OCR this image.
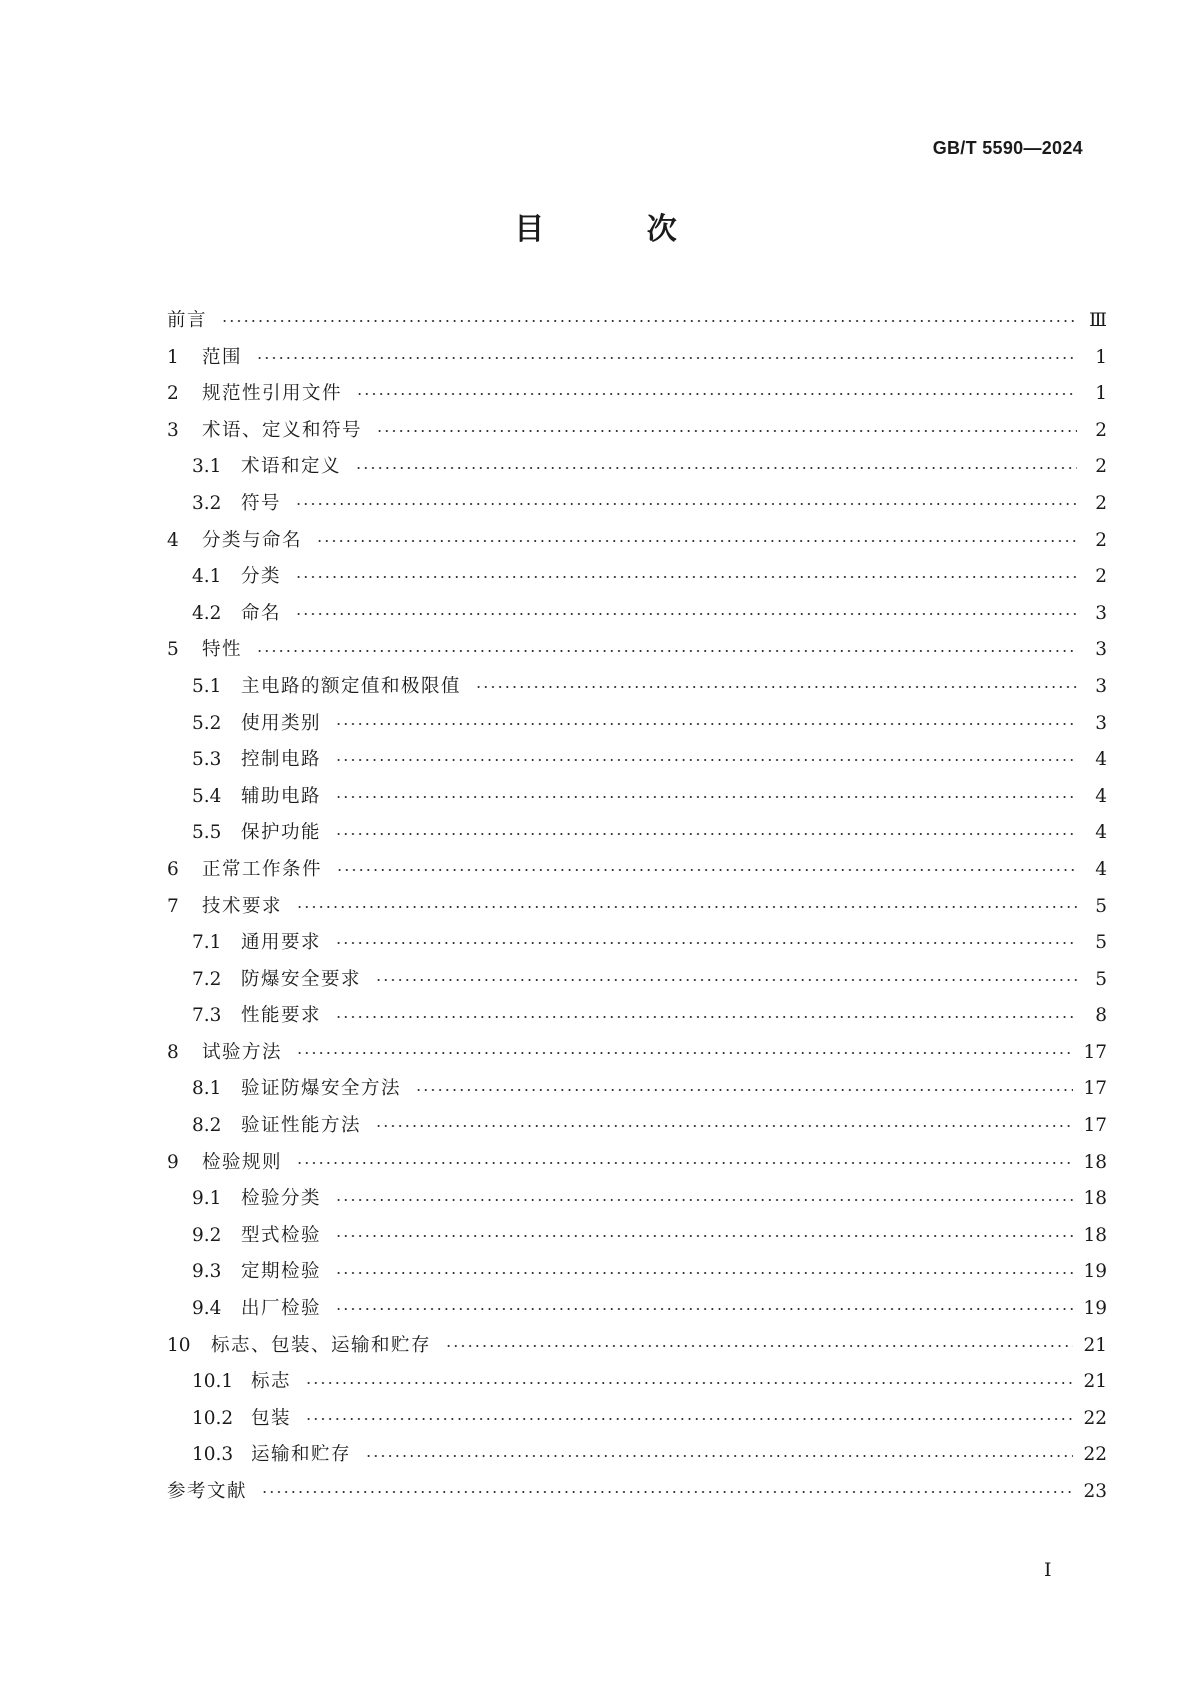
GB/T 5590—2024
目 次
前言	Ⅲ
1	范围	1
2	规范性引用文件	1
3	术语、定义和符号	2
3.1	术语和定义	2
3.2	符号	2
4	分类与命名	2
4.1	分类	2
4.2	命名	3
5	特性	3
5.1	主电路的额定值和极限值	3
5.2	使用类别	3
5.3	控制电路	4
5.4	辅助电路	4
5.5	保护功能	4
6	正常工作条件	4
7	技术要求	5
7.1	通用要求	5
7.2	防爆安全要求	5
7.3	性能要求	8
8	试验方法	17
8.1	验证防爆安全方法	17
8.2	验证性能方法	17
9	检验规则	18
9.1	检验分类	18
9.2	型式检验	18
9.3	定期检验	19
9.4	出厂检验	19
10	标志、包装、运输和贮存	21
10.1 标志	21
10.2 包装	22
10.3 运输和贮存	22
参考文献	23
I
